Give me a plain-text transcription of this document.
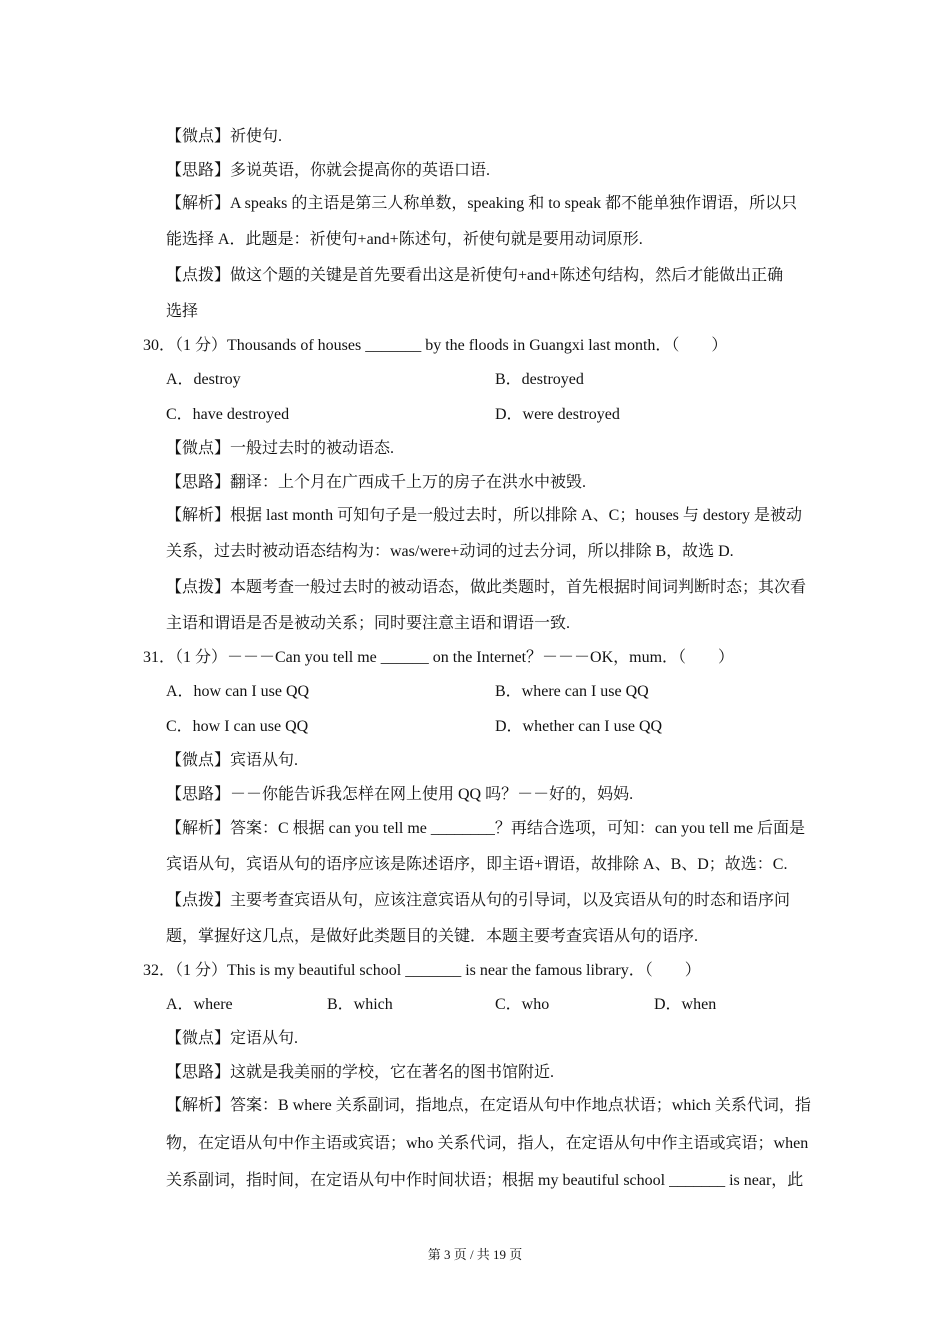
【微点】祈使句.
【思路】多说英语，你就会提高你的英语口语.
【解析】A speaks 的主语是第三人称单数，speaking 和 to speak 都不能单独作谓语，所以只
能选择 A．此题是：祈使句+and+陈述句，祈使句就是要用动词原形.
【点拨】做这个题的关键是首先要看出这是祈使句+and+陈述句结构，然后才能做出正确
选择
30．（1 分）Thousands of houses _______ by the floods in Guangxi last month．（　　）
A．destroy	B．destroyed
C．have destroyed	D．were destroyed
【微点】一般过去时的被动语态.
【思路】翻译：上个月在广西成千上万的房子在洪水中被毁.
【解析】根据 last month 可知句子是一般过去时，所以排除 A、C；houses 与 destory 是被动
关系，过去时被动语态结构为：was/were+动词的过去分词，所以排除 B，故选 D.
【点拨】本题考查一般过去时的被动语态，做此类题时，首先根据时间词判断时态；其次看
主语和谓语是否是被动关系；同时要注意主语和谓语一致.
31．（1 分）－－－Can you tell me ______ on the Internet？－－－OK，mum．（　　）
A．how can I use QQ	B．where can I use QQ
C．how I can use QQ	D．whether can I use QQ
【微点】宾语从句.
【思路】－－你能告诉我怎样在网上使用 QQ 吗？－－好的，妈妈.
【解析】答案：C 根据 can you tell me ________？再结合选项，可知：can you tell me 后面是
宾语从句，宾语从句的语序应该是陈述语序，即主语+谓语，故排除 A、B、D；故选：C.
【点拨】主要考查宾语从句，应该注意宾语从句的引导词，以及宾语从句的时态和语序问
题，掌握好这几点，是做好此类题目的关键．本题主要考查宾语从句的语序.
32．（1 分）This is my beautiful school _______ is near the famous library．（　　）
A．where	B．which	C．who	D．when
【微点】定语从句.
【思路】这就是我美丽的学校，它在著名的图书馆附近.
【解析】答案：B where 关系副词，指地点，在定语从句中作地点状语；which 关系代词，指
物，在定语从句中作主语或宾语；who 关系代词，指人，在定语从句中作主语或宾语；when
关系副词，指时间，在定语从句中作时间状语；根据 my beautiful school _______ is near，此
第 3 页 / 共 19 页
